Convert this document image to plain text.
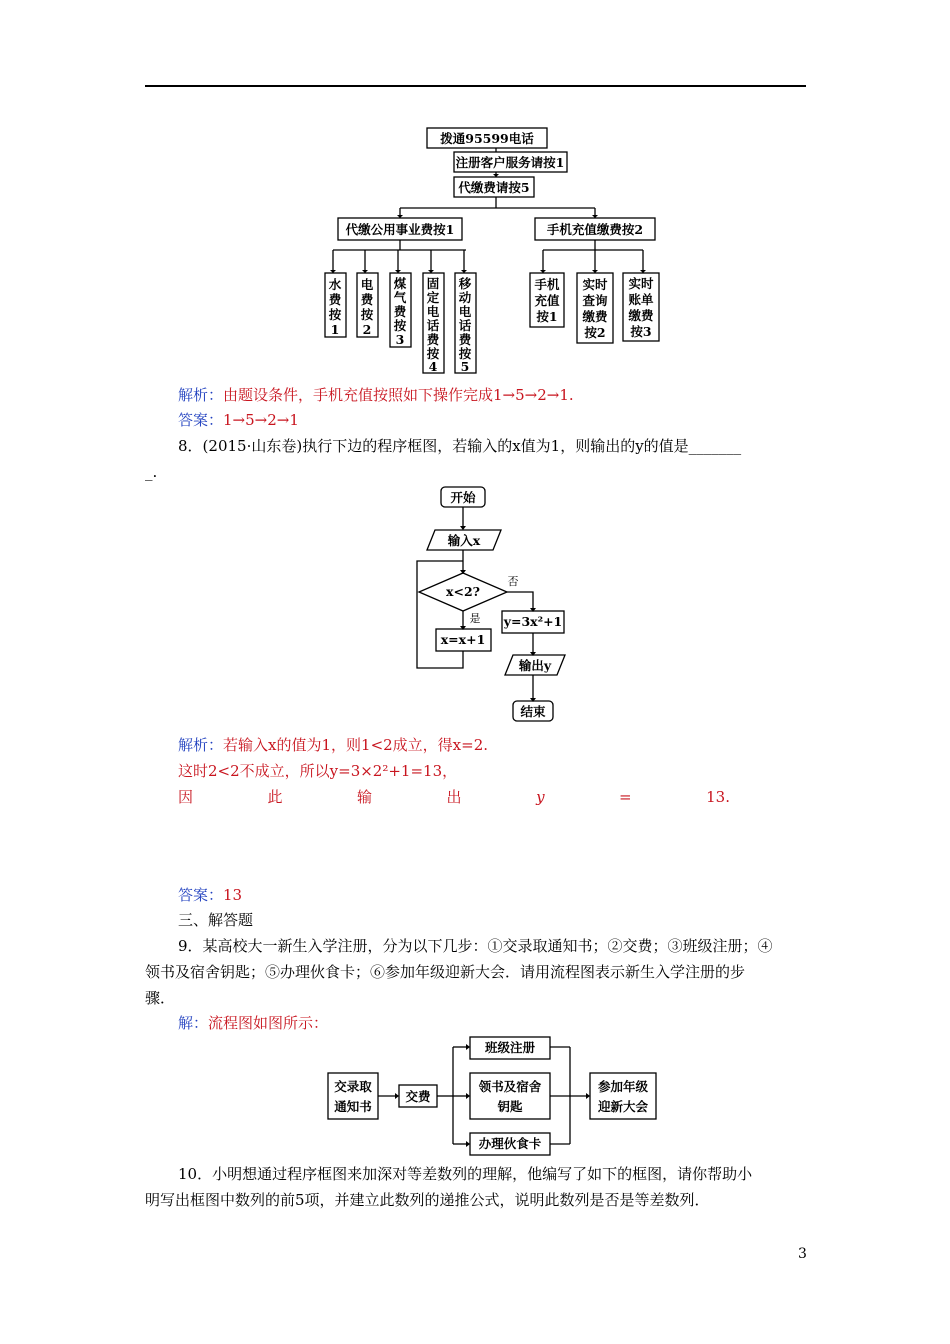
拨通95599电话
注册客户服务请按1
代缴费请按5
代缴公用事业费按1	手机充值缴费按2
水
费
按
1
电
费
按
2
煤
气
费
按
3
固
定
电
话
费
按
4
移
动
电
话
费
按
5
手机
充值
按1
实时
查询
缴费
按2
实时
账单
缴费
按3
解析：由题设条件，手机充值按照如下操作完成1→5→2→1.
答案：1→5→2→1
8．(2015·山东卷)执行下边的程序框图，若输入的x值为1，则输出的y的值是_______
_.
开始
输入x
x<2?
x=x+1
y=3x²+1
输出y
结束
否
是
解析：若输入x的值为1，则1<2成立，得x=2.
这时2<2不成立，所以y=3×2²+1=13，
因	此	输	出	y	=	13.
答案：13
三、解答题
9．某高校大一新生入学注册，分为以下几步：①交录取通知书；②交费；③班级注册；④
领书及宿舍钥匙；⑤办理伙食卡；⑥参加年级迎新大会．请用流程图表示新生入学注册的步
骤．
解：流程图如图所示：
交录取
通知书
交费
班级注册
领书及宿舍
钥匙
办理伙食卡
参加年级
迎新大会
10．小明想通过程序框图来加深对等差数列的理解，他编写了如下的框图，请你帮助小
明写出框图中数列的前5项，并建立此数列的递推公式，说明此数列是否是等差数列．
3
